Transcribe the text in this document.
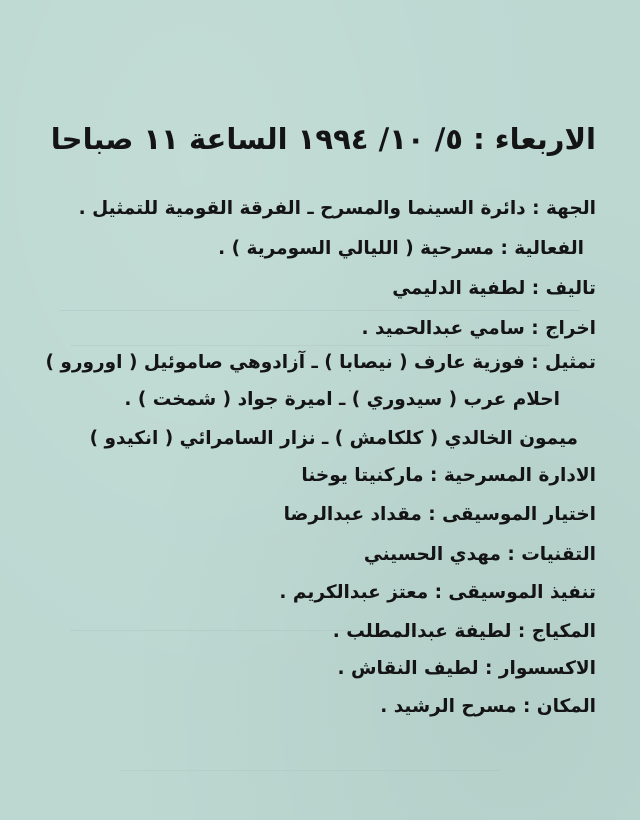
الاربعاء : ٥/ ١٠/ ١٩٩٤ الساعة ١١ صباحا
الجهة : دائرة السينما والمسرح ـ الفرقة القومية للتمثيل .
الفعالية : مسرحية ( الليالي السومرية ) .
تاليف : لطفية الدليمي
اخراج : سامي عبدالحميد .
تمثيل : فوزية عارف ( نيصابا ) ـ آزادوهي صاموئيل ( اورورو )
احلام عرب ( سيدوري ) ـ اميرة جواد ( شمخت ) .
ميمون الخالدي ( كلكامش ) ـ نزار السامرائي ( انكيدو )
الادارة المسرحية : ماركنيتا يوخنا
اختيار الموسيقى : مقداد عبدالرضا
التقنيات : مهدي الحسيني
تنفيذ الموسيقى : معتز عبدالكريم .
المكياج : لطيفة عبدالمطلب .
الاكسسوار : لطيف النقاش .
المكان : مسرح الرشيد .
